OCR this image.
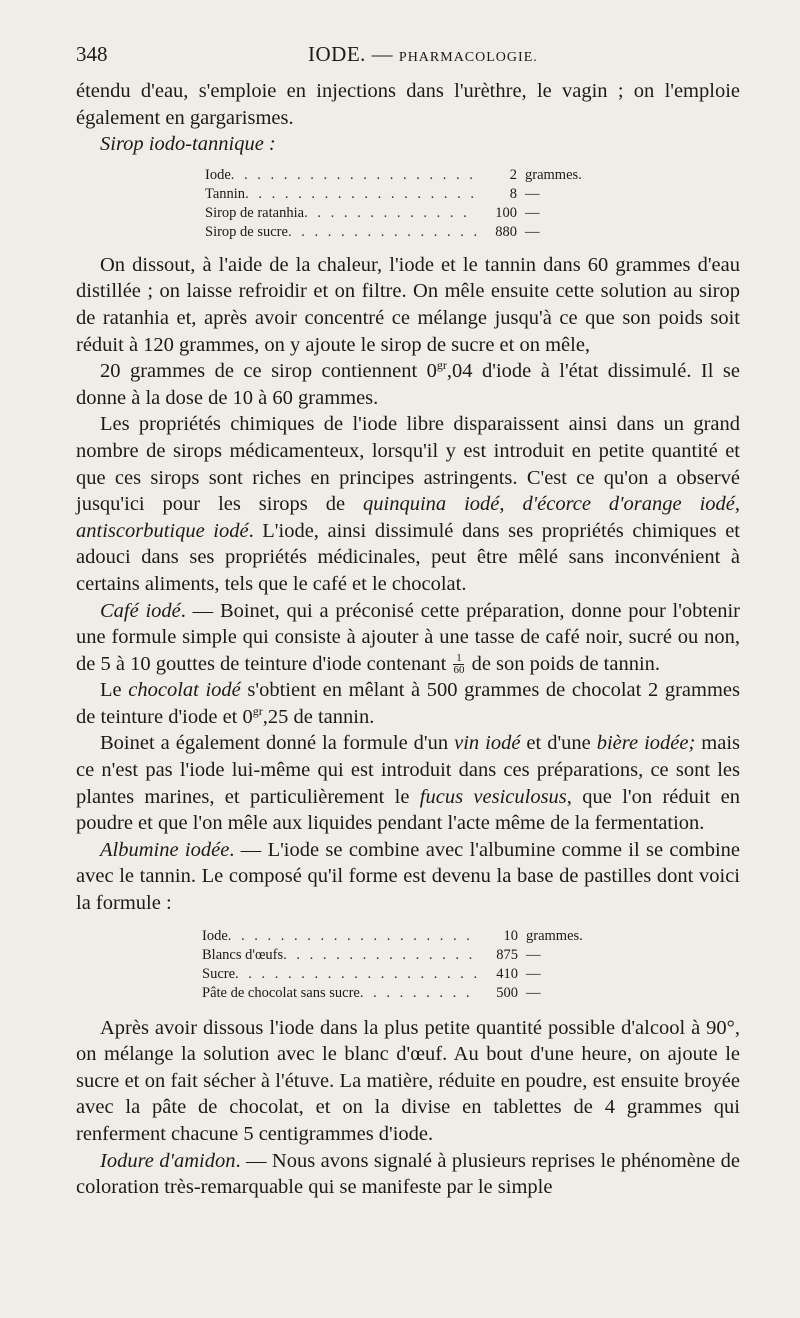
348	IODE. — PHARMACOLOGIE.

étendu d'eau, s'emploie en injections dans l'urèthre, le vagin ; on l'emploie également en gargarismes.

Sirop iodo-tannique :

Iode . . .	2 grammes.
Tannin . . .	8 —
Sirop de ratanhia . . .	100 —
Sirop de sucre . . .	880 —

On dissout, à l'aide de la chaleur, l'iode et le tannin dans 60 grammes d'eau distillée ; on laisse refroidir et on filtre. On mêle ensuite cette solution au sirop de ratanhia et, après avoir concentré ce mélange jusqu'à ce que son poids soit réduit à 120 grammes, on y ajoute le sirop de sucre et on mêle,

20 grammes de ce sirop contiennent $0^{gr},04$ d'iode à l'état dissimulé. Il se donne à la dose de 10 à 60 grammes.

Les propriétés chimiques de l'iode libre disparaissent ainsi dans un grand nombre de sirops médicamenteux, lorsqu'il y est introduit en petite quantité et que ces sirops sont riches en principes astringents. C'est ce qu'on a observé jusqu'ici pour les sirops de quinquina iodé, d'écorce d'orange iodé, antiscorbutique iodé. L'iode, ainsi dissimulé dans ses propriétés chimiques et adouci dans ses propriétés médicinales, peut être mêlé sans inconvénient à certains aliments, tels que le café et le chocolat.

Café iodé. — Boinet, qui a préconisé cette préparation, donne pour l'obtenir une formule simple qui consiste à ajouter à une tasse de café noir, sucré ou non, de 5 à 10 gouttes de teinture d'iode contenant $\frac{1}{60}$ de son poids de tannin.

Le chocolat iodé s'obtient en mêlant à 500 grammes de chocolat 2 grammes de teinture d'iode et $0^{gr},25$ de tannin.

Boinet a également donné la formule d'un vin iodé et d'une bière iodée; mais ce n'est pas l'iode lui-même qui est introduit dans ces préparations, ce sont les plantes marines, et particulièrement le fucus vesiculosus, que l'on réduit en poudre et que l'on mêle aux liquides pendant l'acte même de la fermentation.

Albumine iodée. — L'iode se combine avec l'albumine comme il se combine avec le tannin. Le composé qu'il forme est devenu la base de pastilles dont voici la formule :

Iode . . .	10 grammes.
Blancs d'œufs . . .	875 —
Sucre . . .	410 —
Pâte de chocolat sans sucre . . .	500 —

Après avoir dissous l'iode dans la plus petite quantité possible d'alcool à 90°, on mélange la solution avec le blanc d'œuf. Au bout d'une heure, on ajoute le sucre et on fait sécher à l'étuve. La matière, réduite en poudre, est ensuite broyée avec la pâte de chocolat, et on la divise en tablettes de 4 grammes qui renferment chacune 5 centigrammes d'iode.

Iodure d'amidon. — Nous avons signalé à plusieurs reprises le phénomène de coloration très-remarquable qui se manifeste par le simple
